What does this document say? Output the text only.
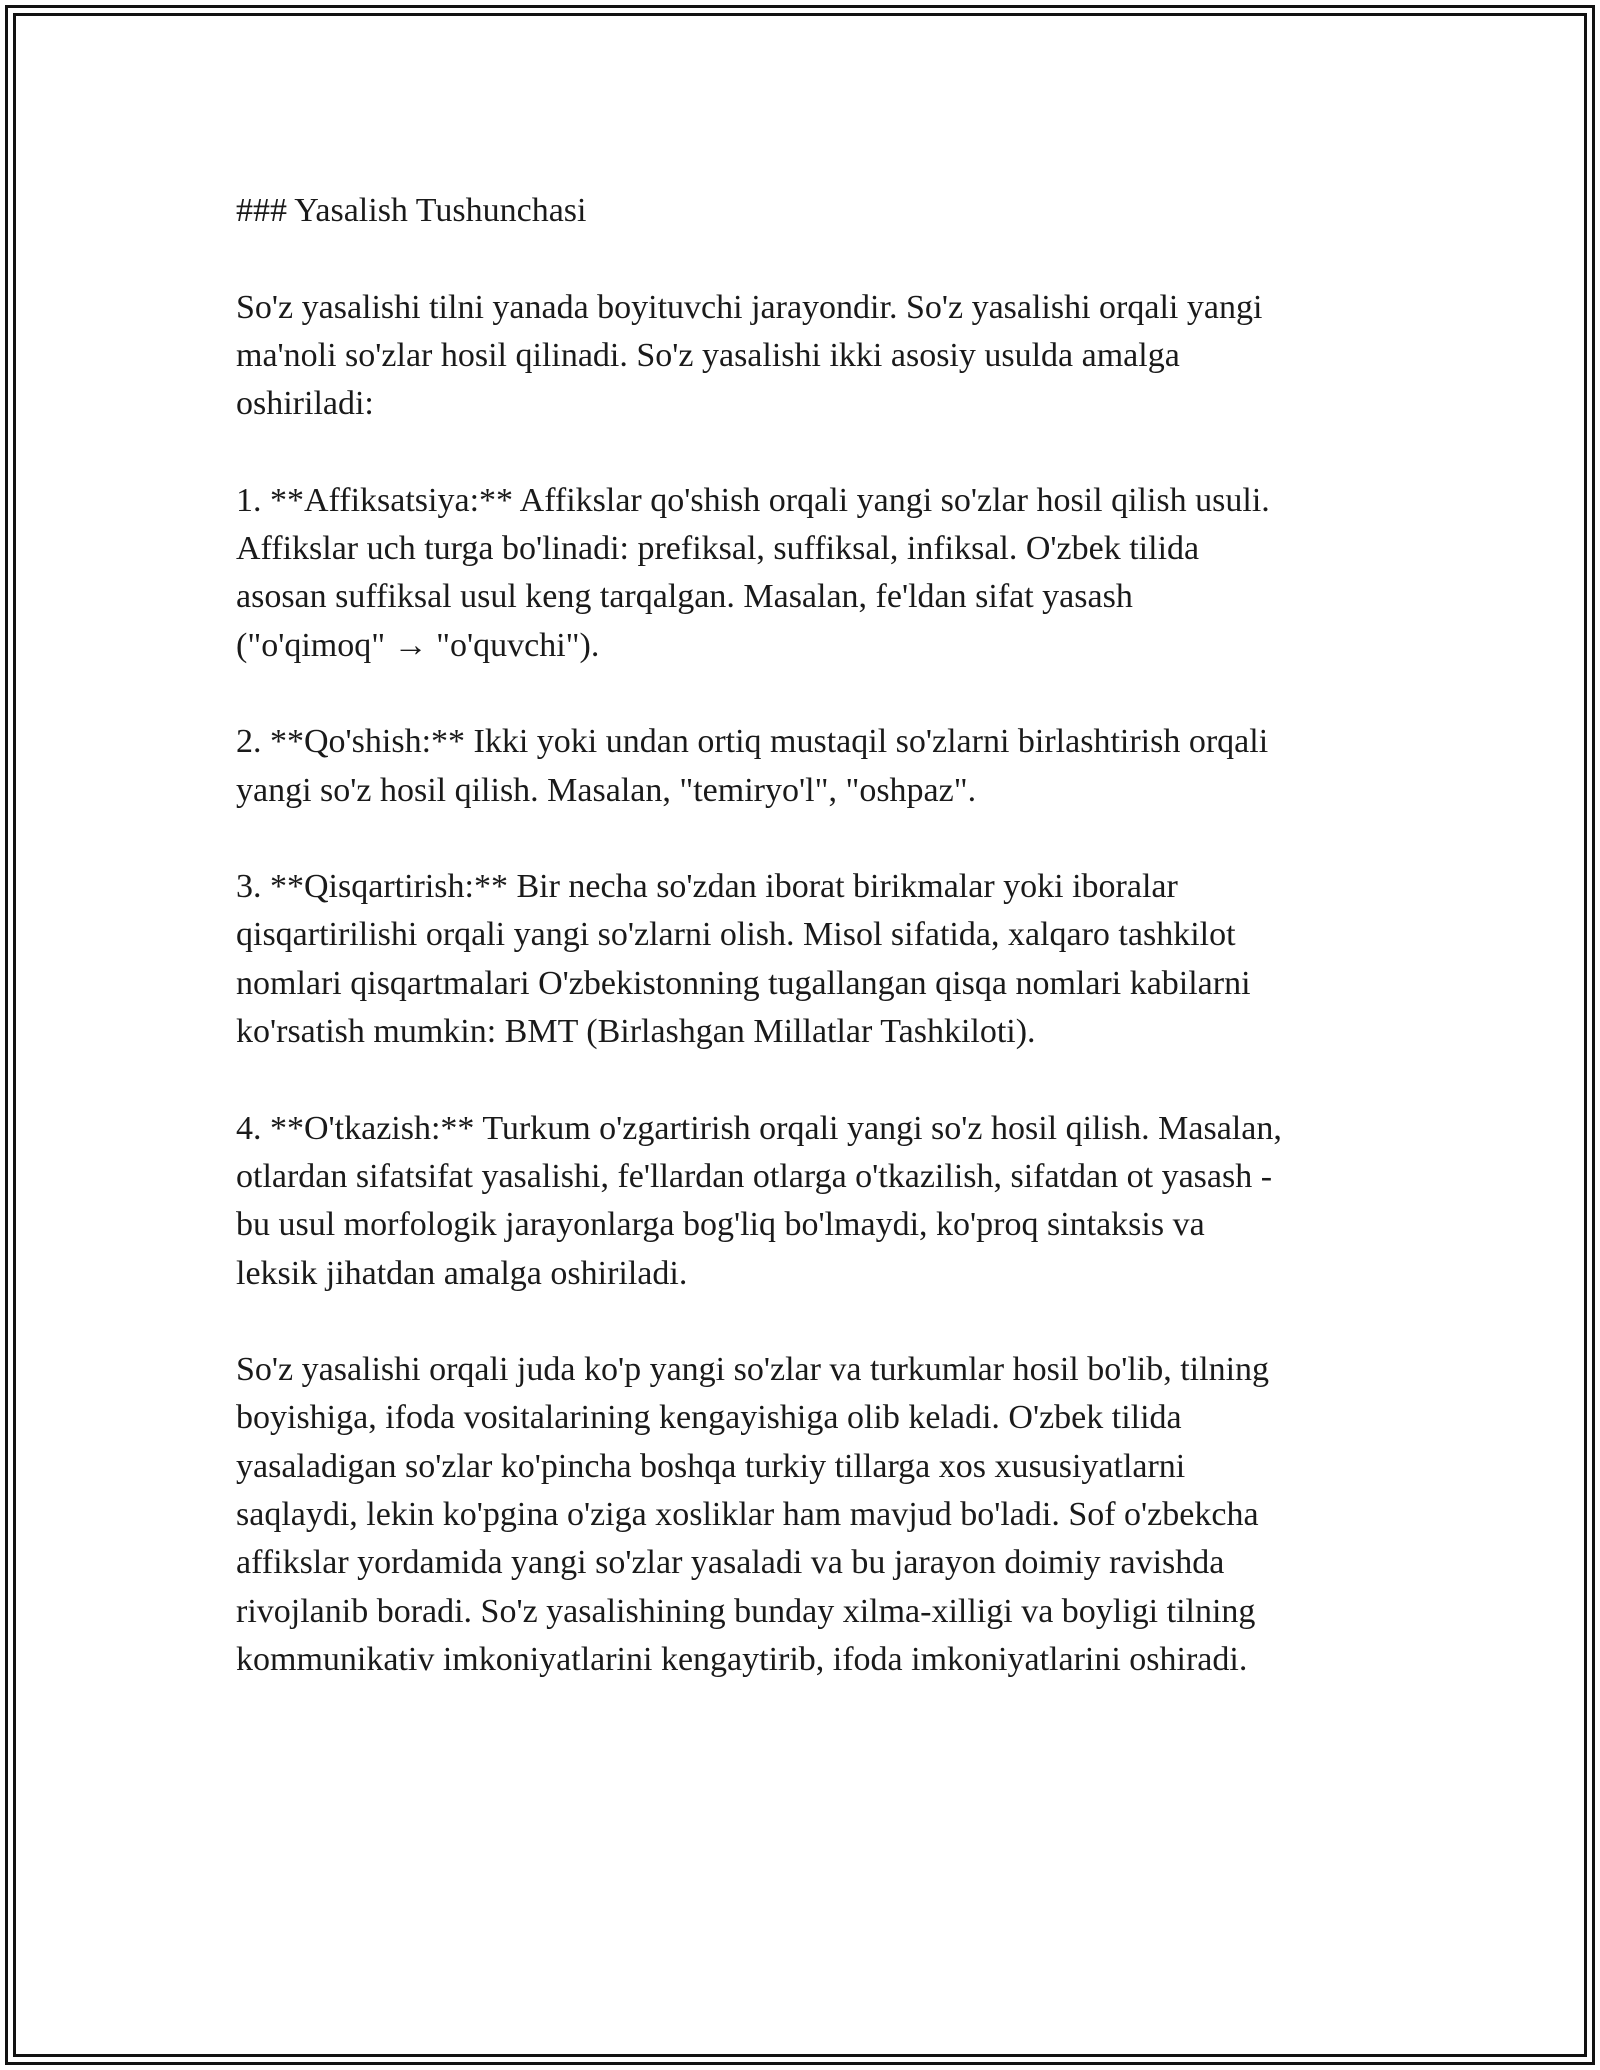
### Yasalish Tushunchasi

So'z yasalishi tilni yanada boyituvchi jarayondir. So'z yasalishi orqali yangi
ma'noli so'zlar hosil qilinadi. So'z yasalishi ikki asosiy usulda amalga
oshiriladi:

1. **Affiksatsiya:** Affikslar qo'shish orqali yangi so'zlar hosil qilish usuli.
Affikslar uch turga bo'linadi: prefiksal, suffiksal, infiksal. O'zbek tilida
asosan suffiksal usul keng tarqalgan. Masalan, fe'ldan sifat yasash
("o'qimoq" → "o'quvchi").

2. **Qo'shish:** Ikki yoki undan ortiq mustaqil so'zlarni birlashtirish orqali
yangi so'z hosil qilish. Masalan, "temiryo'l", "oshpaz".

3. **Qisqartirish:** Bir necha so'zdan iborat birikmalar yoki iboralar
qisqartirilishi orqali yangi so'zlarni olish. Misol sifatida, xalqaro tashkilot
nomlari qisqartmalari O'zbekistonning tugallangan qisqa nomlari kabilarni
ko'rsatish mumkin: BMT (Birlashgan Millatlar Tashkiloti).

4. **O'tkazish:** Turkum o'zgartirish orqali yangi so'z hosil qilish. Masalan,
otlardan sifatsifat yasalishi, fe'llardan otlarga o'tkazilish, sifatdan ot yasash -
bu usul morfologik jarayonlarga bog'liq bo'lmaydi, ko'proq sintaksis va
leksik jihatdan amalga oshiriladi.

So'z yasalishi orqali juda ko'p yangi so'zlar va turkumlar hosil bo'lib, tilning
boyishiga, ifoda vositalarining kengayishiga olib keladi. O'zbek tilida
yasaladigan so'zlar ko'pincha boshqa turkiy tillarga xos xususiyatlarni
saqlaydi, lekin ko'pgina o'ziga xosliklar ham mavjud bo'ladi. Sof o'zbekcha
affikslar yordamida yangi so'zlar yasaladi va bu jarayon doimiy ravishda
rivojlanib boradi. So'z yasalishining bunday xilma-xilligi va boyligi tilning
kommunikativ imkoniyatlarini kengaytirib, ifoda imkoniyatlarini oshiradi.
